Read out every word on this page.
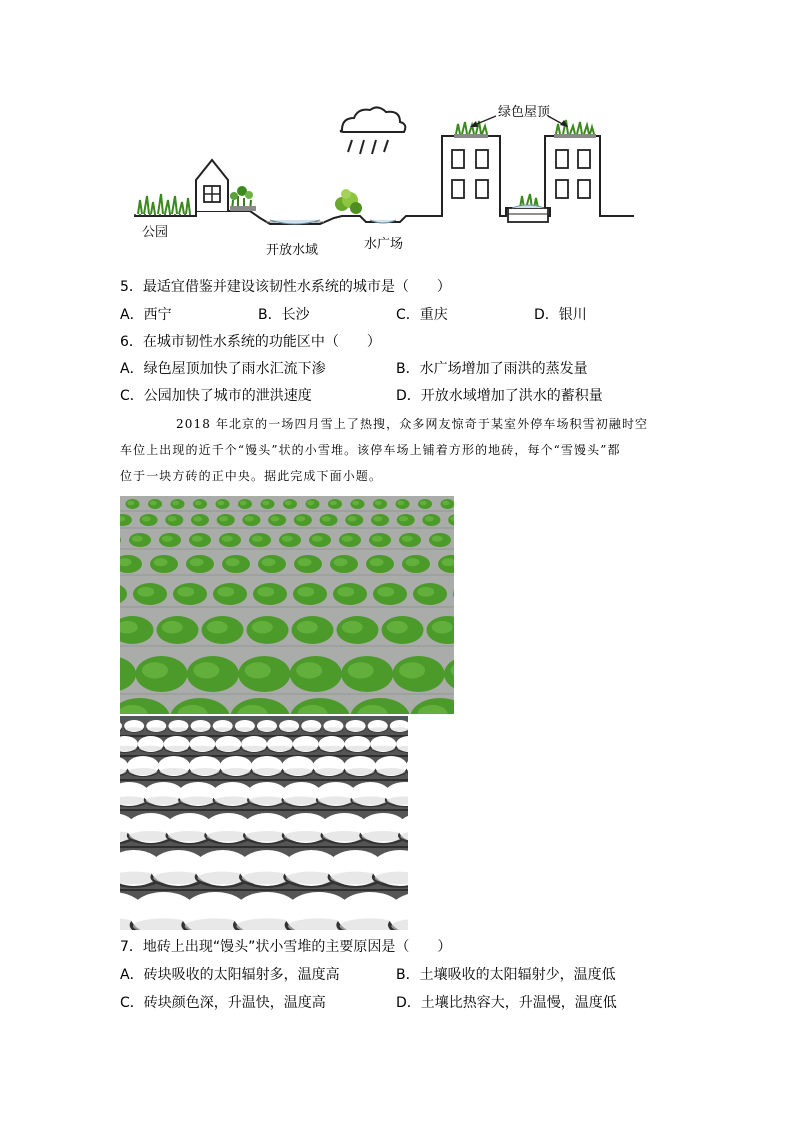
绿色屋顶
公园
开放水域	水广场
5．最适宜借鉴并建设该韧性水系统的城市是（　　）
A．西宁	B．长沙	C．重庆	D．银川
6．在城市韧性水系统的功能区中（　　）
A．绿色屋顶加快了雨水汇流下渗	B．水广场增加了雨洪的蒸发量
C．公园加快了城市的泄洪速度	D．开放水域增加了洪水的蓄积量

2018 年北京的一场四月雪上了热搜，众多网友惊奇于某室外停车场积雪初融时空

车位上出现的近千个“馒头”状的小雪堆。该停车场上铺着方形的地砖，每个“雪馒头”都

位于一块方砖的正中央。据此完成下面小题。

7．地砖上出现“馒头”状小雪堆的主要原因是（　　）
A．砖块吸收的太阳辐射多，温度高	B．土壤吸收的太阳辐射少，温度低
C．砖块颜色深，升温快，温度高	D．土壤比热容大，升温慢，温度低
